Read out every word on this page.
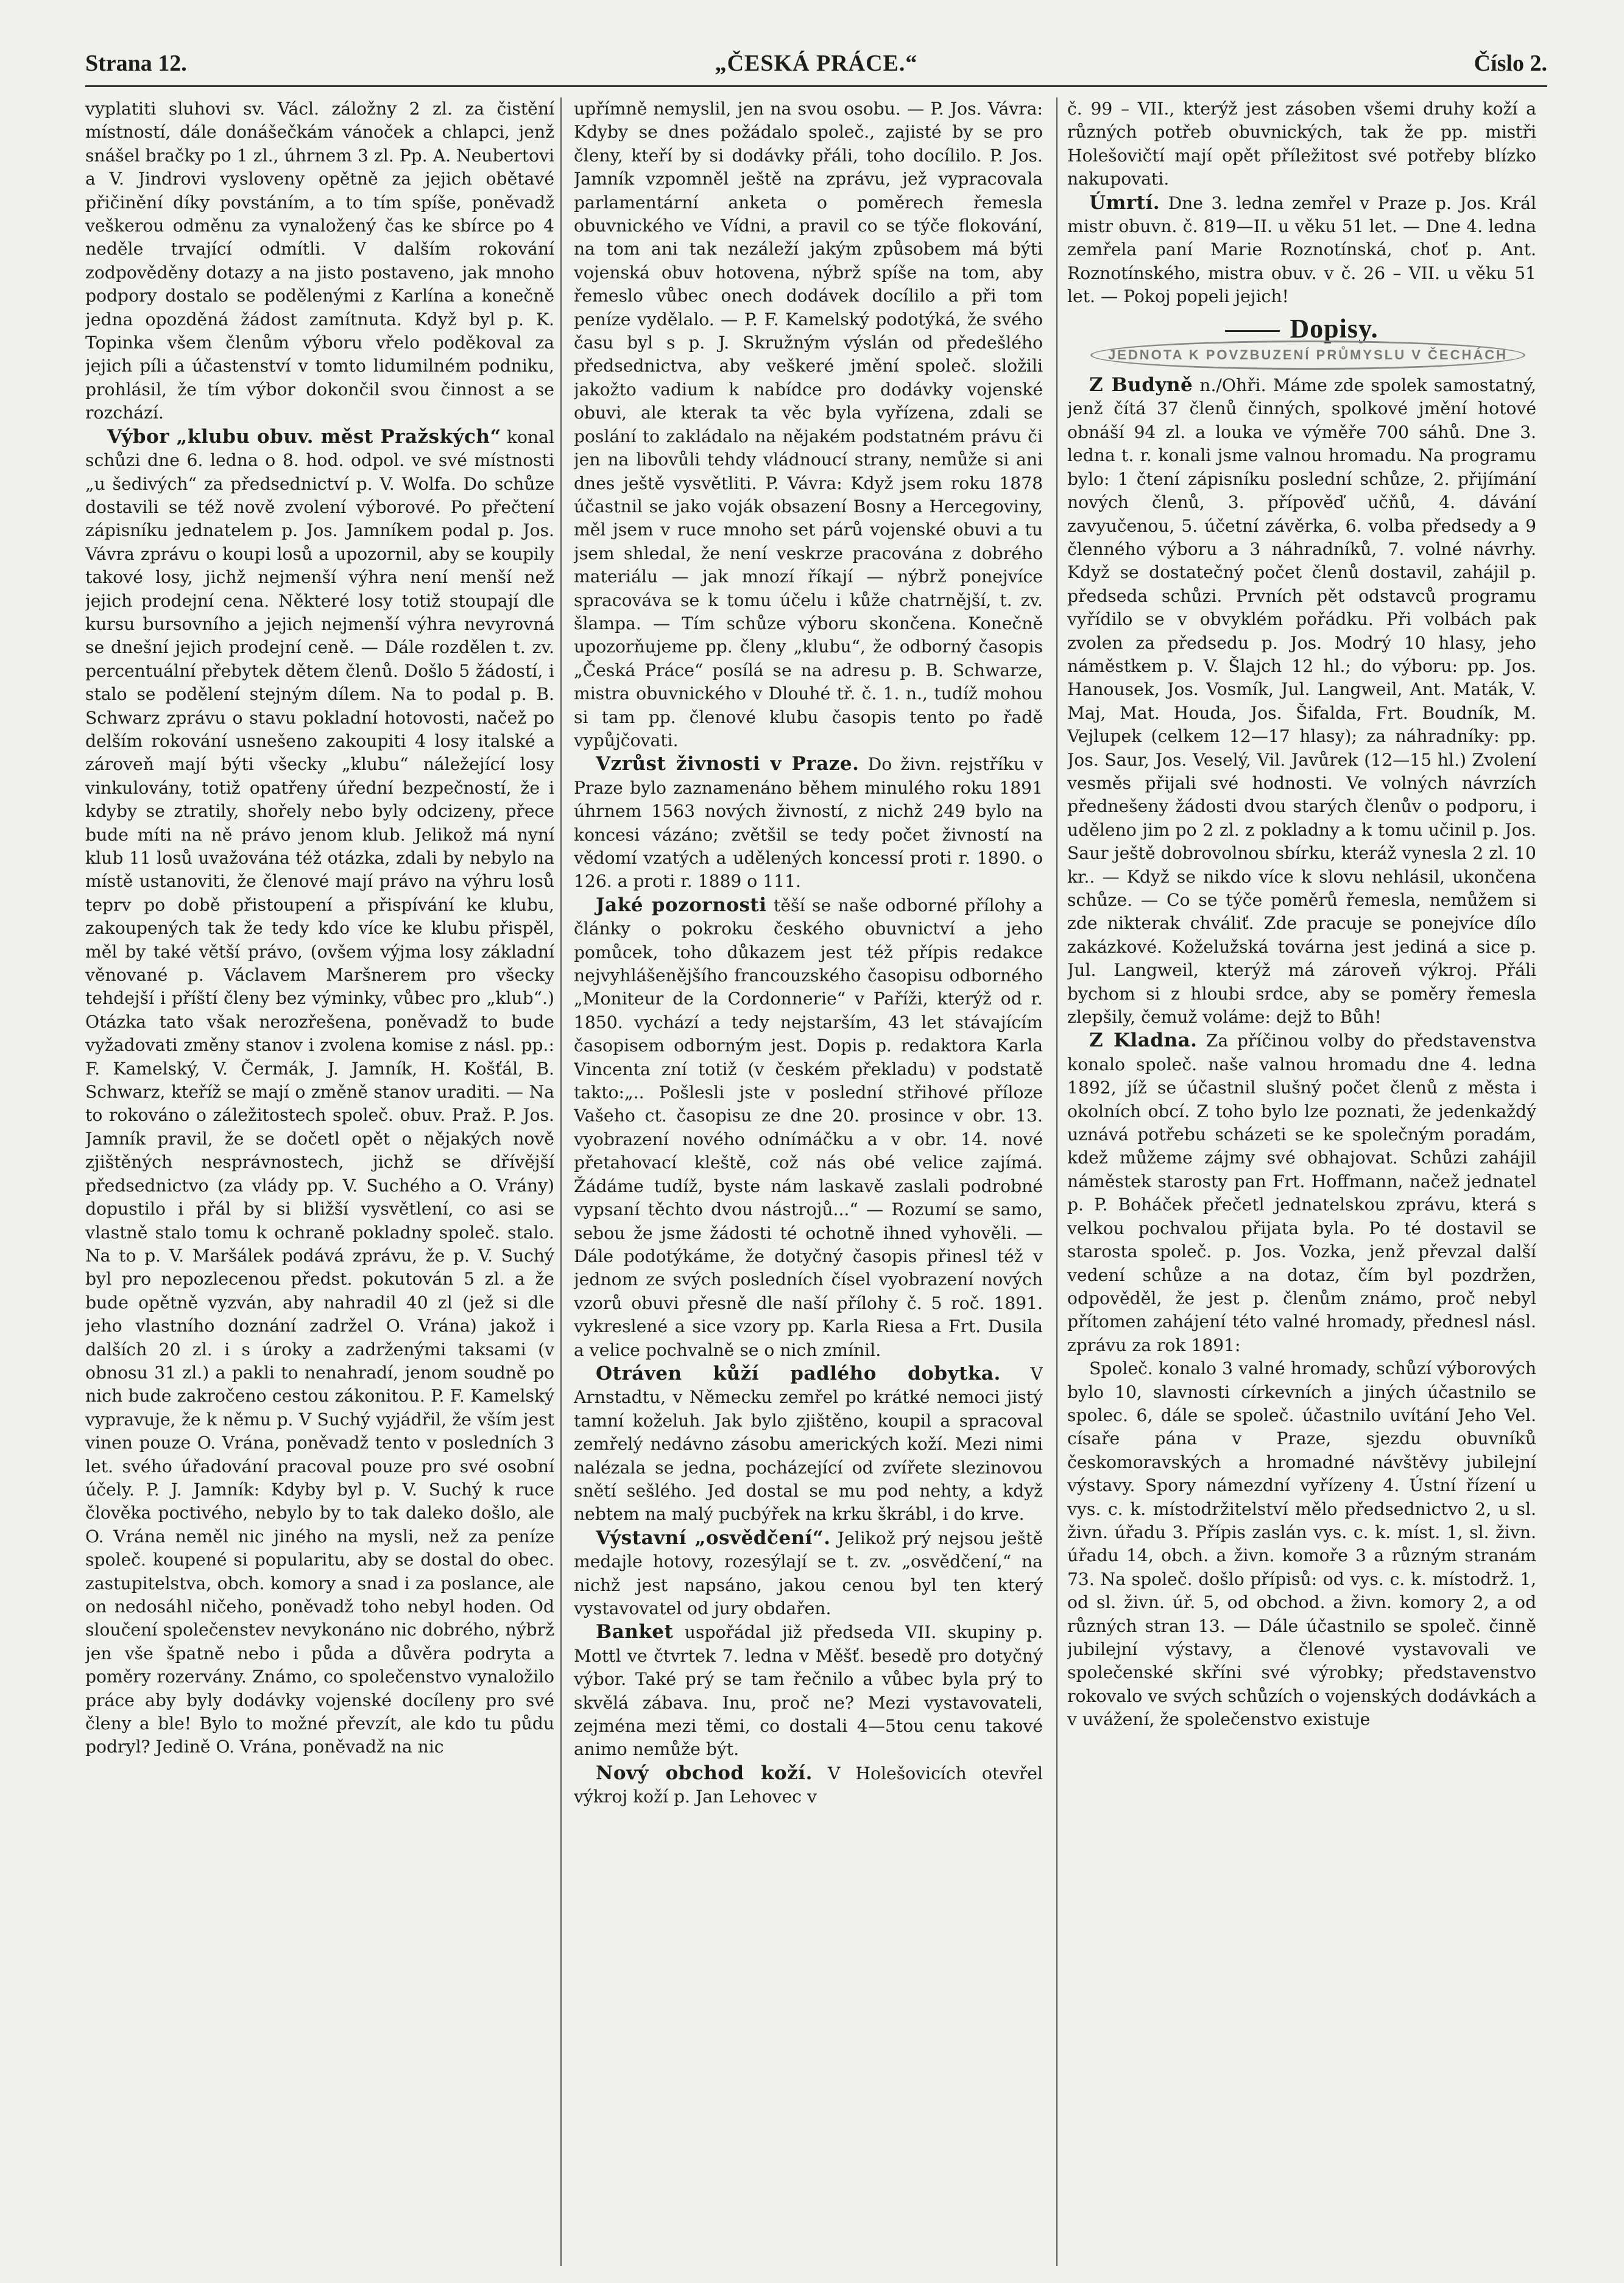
Strana 12.	„ČESKÁ PRÁCE.“	Číslo 2.

vyplatiti sluhovi sv. Václ. záložny 2 zl. za čistění místností, dále donášečkám vánoček a chlapci, jenž snášel bračky po 1 zl., úhrnem 3 zl. Pp. A. Neubertovi a V. Jindrovi vysloveny opětně za jejich obětavé přičinění díky povstáním, a to tím spíše, poněvadž veškerou odměnu za vynaložený čas ke sbírce po 4 neděle trvající odmítli. V dalším rokování zodpověděny dotazy a na jisto postaveno, jak mnoho podpory dostalo se podělenými z Karlína a konečně jedna opozděná žádost zamítnuta. Když byl p. K. Topinka všem členům výboru vřelo poděkoval za jejich píli a účastenství v tomto lidumilném podniku, prohlásil, že tím výbor dokončil svou činnost a se rozchází.

Výbor „klubu obuv. měst Pražských“ konal schůzi dne 6. ledna o 8. hod. odpol. ve své místnosti „u šedivých“ za předsednictví p. V. Wolfa. Do schůze dostavili se též nově zvolení výborové. Po přečtení zápisníku jednatelem p. Jos. Jamníkem podal p. Jos. Vávra zprávu o koupi losů a upozornil, aby se koupily takové losy, jichž nejmenší výhra není menší než jejich prodejní cena. Některé losy totiž stoupají dle kursu bursovního a jejich nejmenší výhra nevyrovná se dnešní jejich prodejní ceně. — Dále rozdělen t. zv. percentuální přebytek dětem členů. Došlo 5 žádostí, i stalo se podělení stejným dílem. Na to podal p. B. Schwarz zprávu o stavu pokladní hotovosti, načež po delším rokování usnešeno zakoupiti 4 losy italské a zároveň mají býti všecky „klubu“ náležející losy vinkulovány, totiž opatřeny úřední bezpečností, že i kdyby se ztratily, shořely nebo byly odcizeny, přece bude míti na ně právo jenom klub. Jelikož má nyní klub 11 losů uvažována též otázka, zdali by nebylo na místě ustanoviti, že členové mají právo na výhru losů teprv po době přistoupení a přispívání ke klubu, zakoupených tak že tedy kdo více ke klubu přispěl, měl by také větší právo, (ovšem výjma losy základní věnované p. Václavem Maršnerem pro všecky tehdejší i příští členy bez výminky, vůbec pro „klub“.) Otázka tato však nerozřešena, poněvadž to bude vyžadovati změny stanov i zvolena komise z násl. pp.: F. Kamelský, V. Čermák, J. Jamník, H. Košťál, B. Schwarz, kteříž se mají o změně stanov uraditi. — Na to rokováno o záležitostech společ. obuv. Praž. P. Jos. Jamník pravil, že se dočetl opět o nějakých nově zjištěných nesprávnostech, jichž se dřívější předsednictvo (za vlády pp. V. Suchého a O. Vrány) dopustilo i přál by si bližší vysvětlení, co asi se vlastně stalo tomu k ochraně pokladny společ. stalo. Na to p. V. Maršálek podává zprávu, že p. V. Suchý byl pro nepozlecenou předst. pokutován 5 zl. a že bude opětně vyzván, aby nahradil 40 zl (jež si dle jeho vlastního doznání zadržel O. Vrána) jakož i dalších 20 zl. i s úroky a zadrženými taksami (v obnosu 31 zl.) a pakli to nenahradí, jenom soudně po nich bude zakročeno cestou zákonitou. P. F. Kamelský vypravuje, že k němu p. V Suchý vyjádřil, že vším jest vinen pouze O. Vrána, poněvadž tento v posledních 3 let. svého úřadování pracoval pouze pro své osobní účely. P. J. Jamník: Kdyby byl p. V. Suchý k ruce člověka poctivého, nebylo by to tak daleko došlo, ale O. Vrána neměl nic jiného na mysli, než za peníze společ. koupené si popularitu, aby se dostal do obec. zastupitelstva, obch. komory a snad i za poslance, ale on nedosáhl ničeho, poněvadž toho nebyl hoden. Od sloučení společenstev nevykonáno nic dobrého, nýbrž jen vše špatně nebo i půda a důvěra podryta a poměry rozervány. Známo, co společenstvo vynaložilo práce aby byly dodávky vojenské docíleny pro své členy a ble! Bylo to možné převzít, ale kdo tu půdu podryl? Jedině O. Vrána, poněvadž na nic

upřímně nemyslil, jen na svou osobu. — P. Jos. Vávra: Kdyby se dnes požádalo společ., zajisté by se pro členy, kteří by si dodávky přáli, toho docílilo. P. Jos. Jamník vzpomněl ještě na zprávu, jež vypracovala parlamentární anketa o poměrech řemesla obuvnického ve Vídni, a pravil co se týče flokování, na tom ani tak nezáleží jakým způsobem má býti vojenská obuv hotovena, nýbrž spíše na tom, aby řemeslo vůbec onech dodávek docílilo a při tom peníze vydělalo. — P. F. Kamelský podotýká, že svého času byl s p. J. Skružným výslán od předešlého předsednictva, aby veškeré jmění společ. složili jakožto vadium k nabídce pro dodávky vojenské obuvi, ale kterak ta věc byla vyřízena, zdali se poslání to zakládalo na nějakém podstatném právu či jen na libovůli tehdy vládnoucí strany, nemůže si ani dnes ještě vysvětliti. P. Vávra: Když jsem roku 1878 účastnil se jako voják obsazení Bosny a Hercegoviny, měl jsem v ruce mnoho set párů vojenské obuvi a tu jsem shledal, že není veskrze pracována z dobrého materiálu — jak mnozí říkají — nýbrž ponejvíce spracováva se k tomu účelu i kůže chatrnější, t. zv. šlampa. — Tím schůze výboru skončena. Konečně upozorňujeme pp. členy „klubu“, že odborný časopis „Česká Práce“ posílá se na adresu p. B. Schwarze, mistra obuvnického v Dlouhé tř. č. 1. n., tudíž mohou si tam pp. členové klubu časopis tento po řadě vypůjčovati.

Vzrůst živnosti v Praze. Do živn. rejstříku v Praze bylo zaznamenáno během minulého roku 1891 úhrnem 1563 nových živností, z nichž 249 bylo na koncesi vázáno; zvětšil se tedy počet živností na vědomí vzatých a udělených koncessí proti r. 1890. o 126. a proti r. 1889 o 111.

Jaké pozornosti těší se naše odborné přílohy a články o pokroku českého obuvnictví a jeho pomůcek, toho důkazem jest též přípis redakce nejvyhlášenějšího francouzského časopisu odborného „Moniteur de la Cordonnerie“ v Paříži, kterýž od r. 1850. vychází a tedy nejstarším, 43 let stávajícím časopisem odborným jest. Dopis p. redaktora Karla Vincenta zní totiž (v českém překladu) v podstatě takto:„.. Pošlesli jste v poslední střihové příloze Vašeho ct. časopisu ze dne 20. prosince v obr. 13. vyobrazení nového odnímáčku a v obr. 14. nové přetahovací kleště, což nás obé velice zajímá. Žádáme tudíž, byste nám laskavě zaslali podrobné vypsaní těchto dvou nástrojů...“ — Rozumí se samo, sebou že jsme žádosti té ochotně ihned vyhověli. — Dále podotýkáme, že dotyčný časopis přinesl též v jednom ze svých posledních čísel vyobrazení nových vzorů obuvi přesně dle naší přílohy č. 5 roč. 1891. vykreslené a sice vzory pp. Karla Riesa a Frt. Dusila a velice pochvalně se o nich zmínil.

Otráven kůží padlého dobytka. V Arnstadtu, v Německu zemřel po krátké nemoci jistý tamní koželuh. Jak bylo zjištěno, koupil a spracoval zemřelý nedávno zásobu amerických koží. Mezi nimi nalézala se jedna, pocházející od zvířete slezinovou snětí sešlého. Jed dostal se mu pod nehty, a když nebtem na malý pucbýřek na krku škrábl, i do krve.

Výstavní „osvědčení“. Jelikož prý nejsou ještě medajle hotovy, rozesýlají se t. zv. „osvědčení,“ na nichž jest napsáno, jakou cenou byl ten který vystavovatel od jury obdařen.

Banket uspořádal již předseda VII. skupiny p. Mottl ve čtvrtek 7. ledna v Měšť. besedě pro dotyčný výbor. Také prý se tam řečnilo a vůbec byla prý to skvělá zábava. Inu, proč ne? Mezi vystavovateli, zejména mezi těmi, co dostali 4—5tou cenu takové animo nemůže být.

Nový obchod koží. V Holešovicích otevřel výkroj koží p. Jan Lehovec v

č. 99 – VII., kterýž jest zásoben všemi druhy koží a různých potřeb obuvnických, tak že pp. mistři Holešovičtí mají opět příležitost své potřeby blízko nakupovati.

Úmrtí. Dne 3. ledna zemřel v Praze p. Jos. Král mistr obuvn. č. 819—II. u věku 51 let. — Dne 4. ledna zemřela paní Marie Roznotínská, choť p. Ant. Roznotínského, mistra obuv. v č. 26 – VII. u věku 51 let. — Pokoj popeli jejich!

Dopisy.JEDNOTA K POVZBUZENÍ PRŮMYSLU V ČECHÁCH

Z Budyně n./Ohři. Máme zde spolek samostatný, jenž čítá 37 členů činných, spolkové jmění hotové obnáší 94 zl. a louka ve výměře 700 sáhů. Dne 3. ledna t. r. konali jsme valnou hromadu. Na programu bylo: 1 čtení zápisníku poslední schůze, 2. přijímání nových členů, 3. přípověď učňů, 4. dávání zavyučenou, 5. účetní závěrka, 6. volba předsedy a 9 členného výboru a 3 náhradníků, 7. volné návrhy. Když se dostatečný počet členů dostavil, zahájil p. předseda schůzi. Prvních pět odstavců programu vyřídilo se v obvyklém pořádku. Při volbách pak zvolen za předsedu p. Jos. Modrý 10 hlasy, jeho náměstkem p. V. Šlajch 12 hl.; do výboru: pp. Jos. Hanousek, Jos. Vosmík, Jul. Langweil, Ant. Maták, V. Maj, Mat. Houda, Jos. Šifalda, Frt. Boudník, M. Vejlupek (celkem 12—17 hlasy); za náhradníky: pp. Jos. Saur, Jos. Veselý, Vil. Javůrek (12—15 hl.) Zvolení vesměs přijali své hodnosti. Ve volných návrzích přednešeny žádosti dvou starých členův o podporu, i uděleno jim po 2 zl. z pokladny a k tomu učinil p. Jos. Saur ještě dobrovolnou sbírku, kteráž vynesla 2 zl. 10 kr.. — Když se nikdo více k slovu nehlásil, ukončena schůze. — Co se týče poměrů řemesla, nemůžem si zde nikterak chváliť. Zde pracuje se ponejvíce dílo zakázkové. Koželužská továrna jest jediná a sice p. Jul. Langweil, kterýž má zároveň výkroj. Přáli bychom si z hloubi srdce, aby se poměry řemesla zlepšily, čemuž voláme: dejž to Bůh!

Z Kladna. Za příčinou volby do představenstva konalo společ. naše valnou hromadu dne 4. ledna 1892, jíž se účastnil slušný počet členů z města i okolních obcí. Z toho bylo lze poznati, že jedenkaždý uznává potřebu scházeti se ke společným poradám, kdež můžeme zájmy své obhajovat. Schůzi zahájil náměstek starosty pan Frt. Hoffmann, načež jednatel p. P. Boháček přečetl jednatelskou zprávu, která s velkou pochvalou přijata byla. Po té dostavil se starosta společ. p. Jos. Vozka, jenž převzal další vedení schůze a na dotaz, čím byl pozdržen, odpověděl, že jest p. členům známo, proč nebyl přítomen zahájení této valné hromady, přednesl násl. zprávu za rok 1891:

Společ. konalo 3 valné hromady, schůzí výborových bylo 10, slavnosti církevních a jiných účastnilo se spolec. 6, dále se společ. účastnilo uvítání Jeho Vel. císaře pána v Praze, sjezdu obuvníků českomoravských a hromadné návštěvy jubilejní výstavy. Spory námezdní vyřízeny 4. Ústní řízení u vys. c. k. místodržitelství mělo předsednictvo 2, u sl. živn. úřadu 3. Přípis zaslán vys. c. k. míst. 1, sl. živn. úřadu 14, obch. a živn. komoře 3 a různým stranám 73. Na společ. došlo přípisů: od vys. c. k. místodrž. 1, od sl. živn. úř. 5, od obchod. a živn. komory 2, a od různých stran 13. — Dále účastnilo se společ. činně jubilejní výstavy, a členové vystavovali ve společenské skříni své výrobky; představenstvo rokovalo ve svých schůzích o vojenských dodávkách a v uvážení, že společenstvo existuje
